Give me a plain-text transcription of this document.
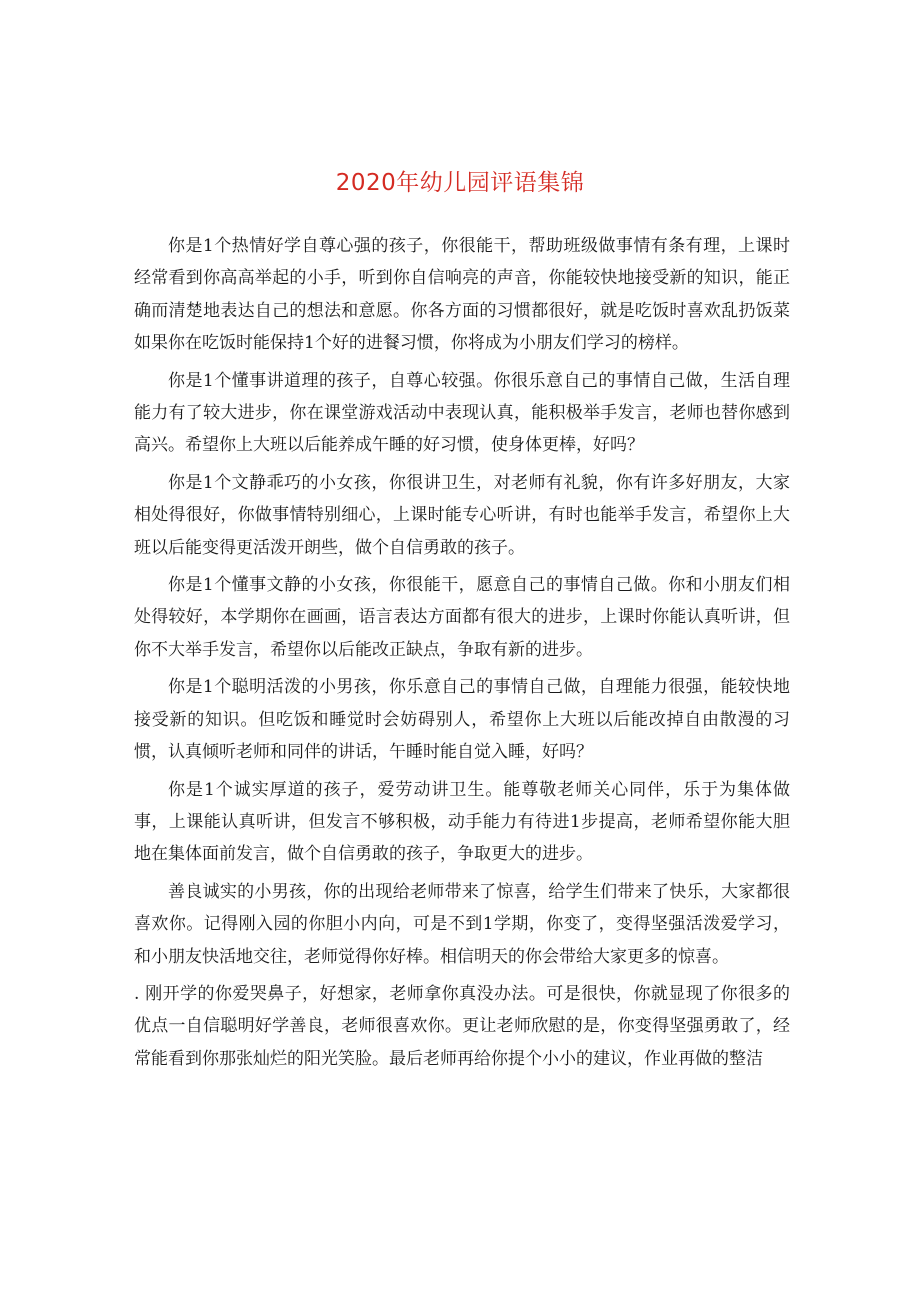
2020年幼儿园评语集锦

你是1个热情好学自尊心强的孩子，你很能干，帮助班级做事情有条有理，上课时经常看到你高高举起的小手，听到你自信响亮的声音，你能较快地接受新的知识，能正确而清楚地表达自己的想法和意愿。你各方面的习惯都很好，就是吃饭时喜欢乱扔饭菜如果你在吃饭时能保持1个好的进餐习惯，你将成为小朋友们学习的榜样。

你是1个懂事讲道理的孩子，自尊心较强。你很乐意自己的事情自己做，生活自理能力有了较大进步，你在课堂游戏活动中表现认真，能积极举手发言，老师也替你感到高兴。希望你上大班以后能养成午睡的好习惯，使身体更棒，好吗？

你是1个文静乖巧的小女孩，你很讲卫生，对老师有礼貌，你有许多好朋友，大家相处得很好，你做事情特别细心，上课时能专心听讲，有时也能举手发言，希望你上大班以后能变得更活泼开朗些，做个自信勇敢的孩子。

你是1个懂事文静的小女孩，你很能干，愿意自己的事情自己做。你和小朋友们相处得较好，本学期你在画画，语言表达方面都有很大的进步，上课时你能认真听讲，但你不大举手发言，希望你以后能改正缺点，争取有新的进步。

你是1个聪明活泼的小男孩，你乐意自己的事情自己做，自理能力很强，能较快地接受新的知识。但吃饭和睡觉时会妨碍别人，希望你上大班以后能改掉自由散漫的习惯，认真倾听老师和同伴的讲话，午睡时能自觉入睡，好吗？

你是1个诚实厚道的孩子，爱劳动讲卫生。能尊敬老师关心同伴，乐于为集体做事，上课能认真听讲，但发言不够积极，动手能力有待进1步提高，老师希望你能大胆地在集体面前发言，做个自信勇敢的孩子，争取更大的进步。

善良诚实的小男孩，你的出现给老师带来了惊喜，给学生们带来了快乐，大家都很喜欢你。记得刚入园的你胆小内向，可是不到1学期，你变了，变得坚强活泼爱学习，和小朋友快活地交往，老师觉得你好棒。相信明天的你会带给大家更多的惊喜。

. 刚开学的你爱哭鼻子，好想家，老师拿你真没办法。可是很快，你就显现了你很多的优点一自信聪明好学善良，老师很喜欢你。更让老师欣慰的是，你变得坚强勇敢了，经常能看到你那张灿烂的阳光笑脸。最后老师再给你提个小小的建议，作业再做的整洁
